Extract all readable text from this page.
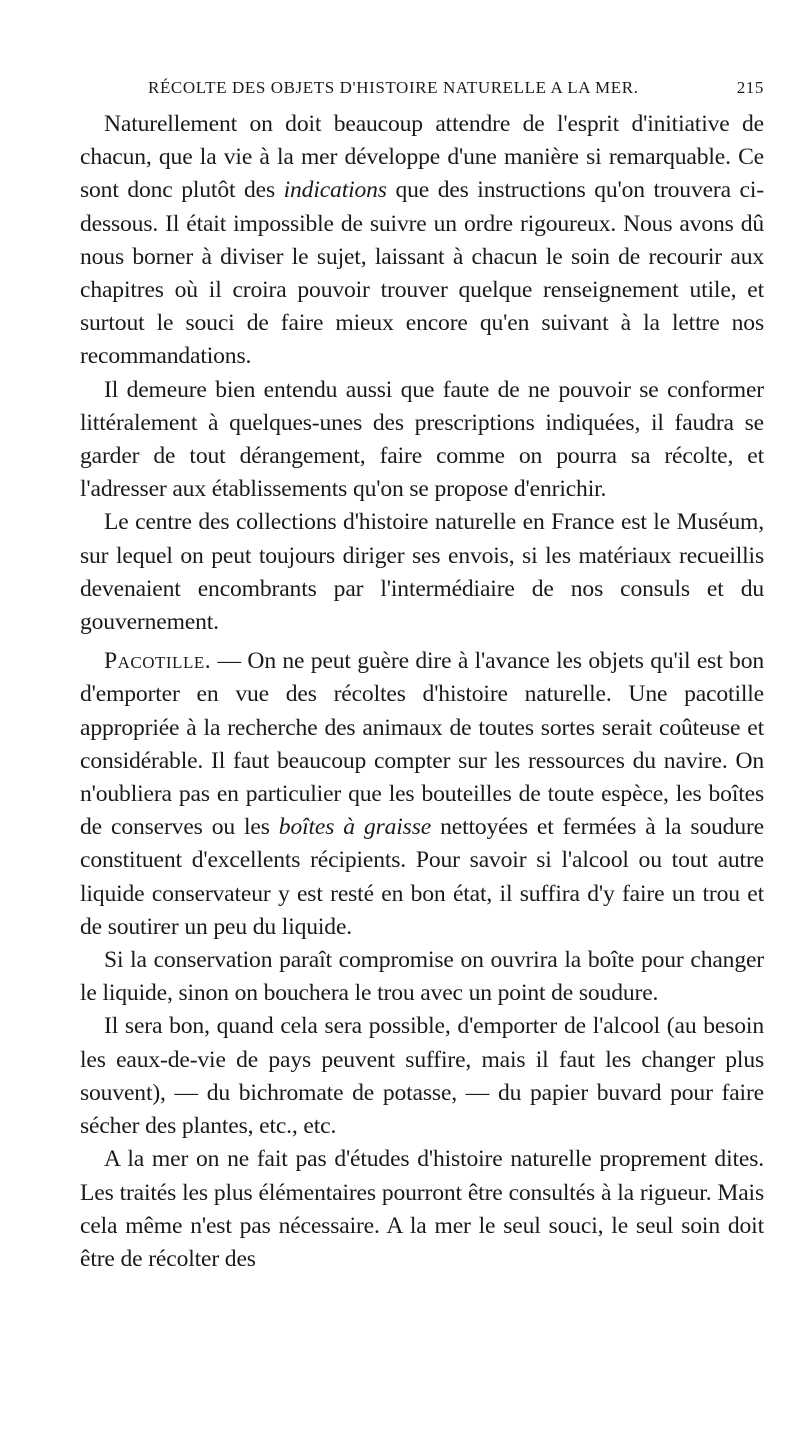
RÉCOLTE DES OBJETS D'HISTOIRE NATURELLE A LA MER.	215

Naturellement on doit beaucoup attendre de l'esprit d'initiative de chacun, que la vie à la mer développe d'une manière si remarquable. Ce sont donc plutôt des indications que des instructions qu'on trouvera ci-dessous. Il était impossible de suivre un ordre rigoureux. Nous avons dû nous borner à diviser le sujet, laissant à chacun le soin de recourir aux chapitres où il croira pouvoir trouver quelque renseignement utile, et surtout le souci de faire mieux encore qu'en suivant à la lettre nos recommandations.

Il demeure bien entendu aussi que faute de ne pouvoir se conformer littéralement à quelques-unes des prescriptions indiquées, il faudra se garder de tout dérangement, faire comme on pourra sa récolte, et l'adresser aux établissements qu'on se propose d'enrichir.

Le centre des collections d'histoire naturelle en France est le Muséum, sur lequel on peut toujours diriger ses envois, si les matériaux recueillis devenaient encombrants par l'intermédiaire de nos consuls et du gouvernement.

Pacotille. — On ne peut guère dire à l'avance les objets qu'il est bon d'emporter en vue des récoltes d'histoire naturelle. Une pacotille appropriée à la recherche des animaux de toutes sortes serait coûteuse et considérable. Il faut beaucoup compter sur les ressources du navire. On n'oubliera pas en particulier que les bouteilles de toute espèce, les boîtes de conserves ou les boîtes à graisse nettoyées et fermées à la soudure constituent d'excellents récipients. Pour savoir si l'alcool ou tout autre liquide conservateur y est resté en bon état, il suffira d'y faire un trou et de soutirer un peu du liquide.

Si la conservation paraît compromise on ouvrira la boîte pour changer le liquide, sinon on bouchera le trou avec un point de soudure.

Il sera bon, quand cela sera possible, d'emporter de l'alcool (au besoin les eaux-de-vie de pays peuvent suffire, mais il faut les changer plus souvent), — du bichromate de potasse, — du papier buvard pour faire sécher des plantes, etc., etc.

A la mer on ne fait pas d'études d'histoire naturelle proprement dites. Les traités les plus élémentaires pourront être consultés à la rigueur. Mais cela même n'est pas nécessaire. A la mer le seul souci, le seul soin doit être de récolter des
